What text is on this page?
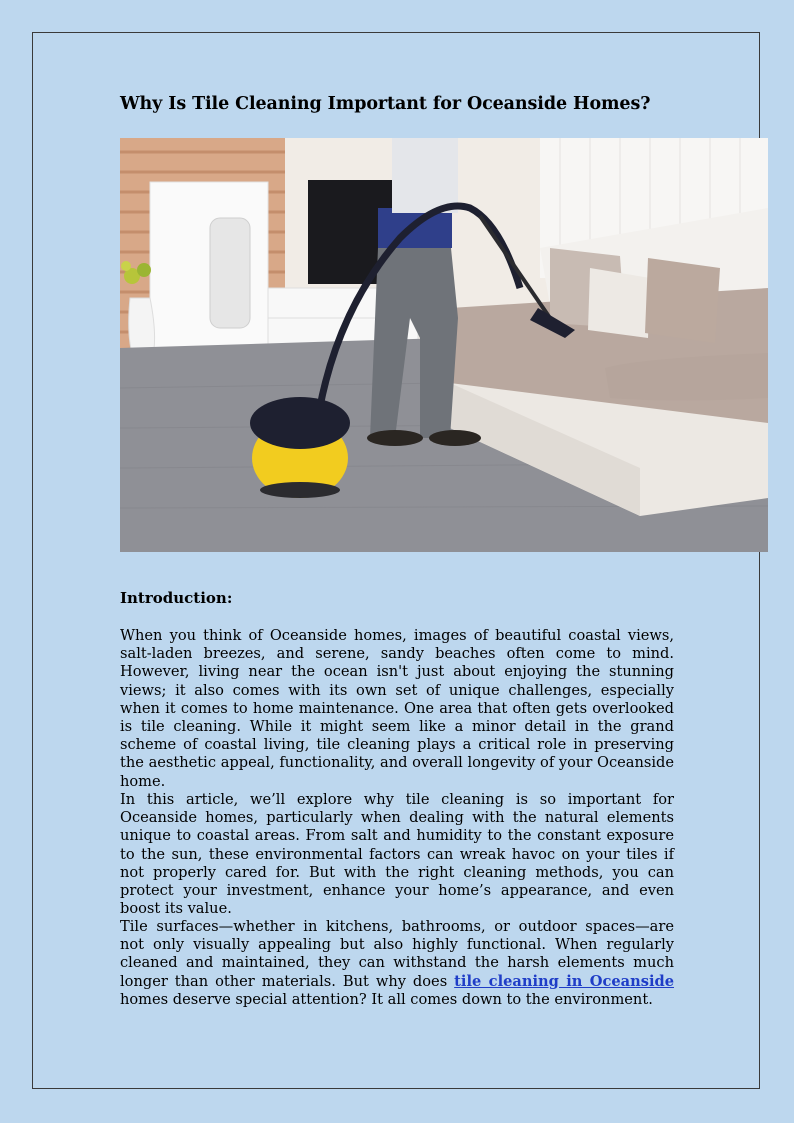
Why Is Tile Cleaning Important for Oceanside Homes?
Introduction:

When you think of Oceanside homes, images of beautiful coastal views, salt-laden breezes, and serene, sandy beaches often come to mind. However, living near the ocean isn't just about enjoying the stunning views; it also comes with its own set of unique challenges, especially when it comes to home maintenance. One area that often gets overlooked is tile cleaning. While it might seem like a minor detail in the grand scheme of coastal living, tile cleaning plays a critical role in preserving the aesthetic appeal, functionality, and overall longevity of your Oceanside home.

In this article, we’ll explore why tile cleaning is so important for Oceanside homes, particularly when dealing with the natural elements unique to coastal areas. From salt and humidity to the constant exposure to the sun, these environmental factors can wreak havoc on your tiles if not properly cared for. But with the right cleaning methods, you can protect your investment, enhance your home’s appearance, and even boost its value.

Tile surfaces—whether in kitchens, bathrooms, or outdoor spaces—are not only visually appealing but also highly functional. When regularly cleaned and maintained, they can withstand the harsh elements much longer than other materials. But why does tile cleaning in Oceanside homes deserve special attention? It all comes down to the environment.
